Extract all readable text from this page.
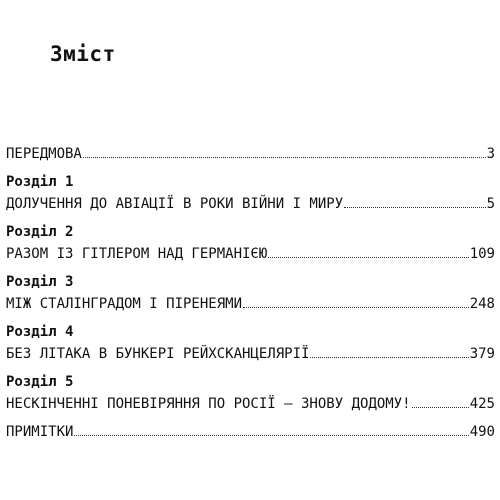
Зміст
ПЕРЕДМОВА	3
Розділ 1
ДОЛУЧЕННЯ ДО АВІАЦІЇ В РОКИ ВІЙНИ І МИРУ	5
Розділ 2
РАЗОМ ІЗ ГІТЛЕРОМ НАД ГЕРМАНІЄЮ	109
Розділ 3
МІЖ СТАЛІНГРАДОМ І ПІРЕНЕЯМИ	248
Розділ 4
БЕЗ ЛІТАКА В БУНКЕРІ РЕЙХСКАНЦЕЛЯРІЇ	379
Розділ 5
НЕСКІНЧЕННІ ПОНЕВІРЯННЯ ПО РОСІЇ — ЗНОВУ ДОДОМУ!	425
ПРИМІТКИ	490
